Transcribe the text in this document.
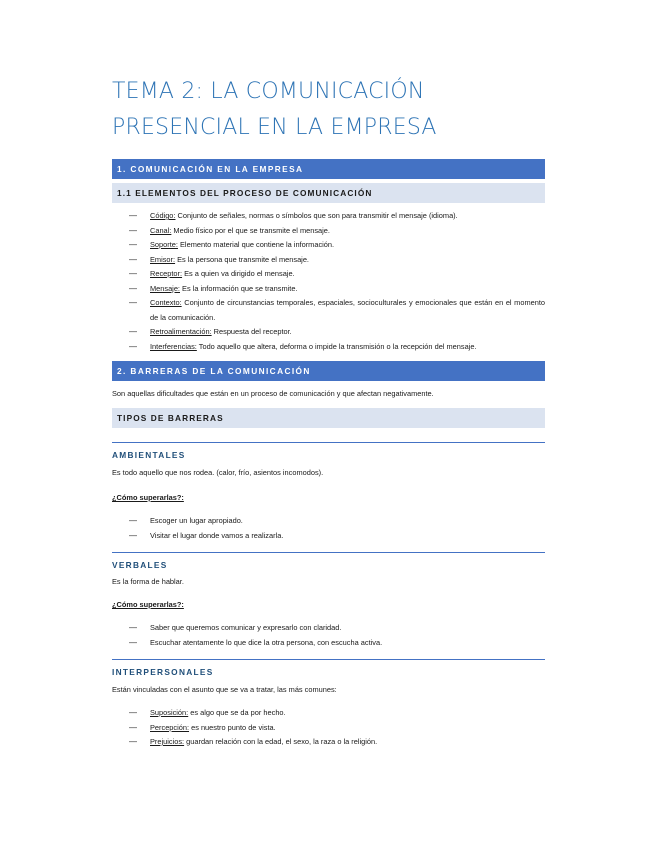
TEMA 2: LA COMUNICACIÓN
PRESENCIAL EN LA EMPRESA
1. COMUNICACIÓN EN LA EMPRESA
1.1 ELEMENTOS DEL PROCESO DE COMUNICACIÓN
— Código: Conjunto de señales, normas o símbolos que son para transmitir el mensaje (idioma).
— Canal: Medio físico por el que se transmite el mensaje.
— Soporte: Elemento material que contiene la información.
— Emisor: Es la persona que transmite el mensaje.
— Receptor: Es a quien va dirigido el mensaje.
— Mensaje: Es la información que se transmite.
— Contexto: Conjunto de circunstancias temporales, espaciales, socioculturales y emocionales que están en el momento de la comunicación.
— Retroalimentación: Respuesta del receptor.
— Interferencias: Todo aquello que altera, deforma o impide la transmisión o la recepción del mensaje.
2. BARRERAS DE LA COMUNICACIÓN

Son aquellas dificultades que están en un proceso de comunicación y que afectan negativamente.

TIPOS DE BARRERAS
AMBIENTALES

Es todo aquello que nos rodea. (calor, frío, asientos incomodos).

¿Cómo superarlas?:

— Escoger un lugar apropiado.
— Visitar el lugar donde vamos a realizarla.
VERBALES

Es la forma de hablar.

¿Cómo superarlas?:

— Saber que queremos comunicar y expresarlo con claridad.
— Escuchar atentamente lo que dice la otra persona, con escucha activa.
INTERPERSONALES

Están vinculadas con el asunto que se va a tratar, las más comunes:

— Suposición: es algo que se da por hecho.
— Percepción: es nuestro punto de vista.
— Prejuicios: guardan relación con la edad, el sexo, la raza o la religión.
